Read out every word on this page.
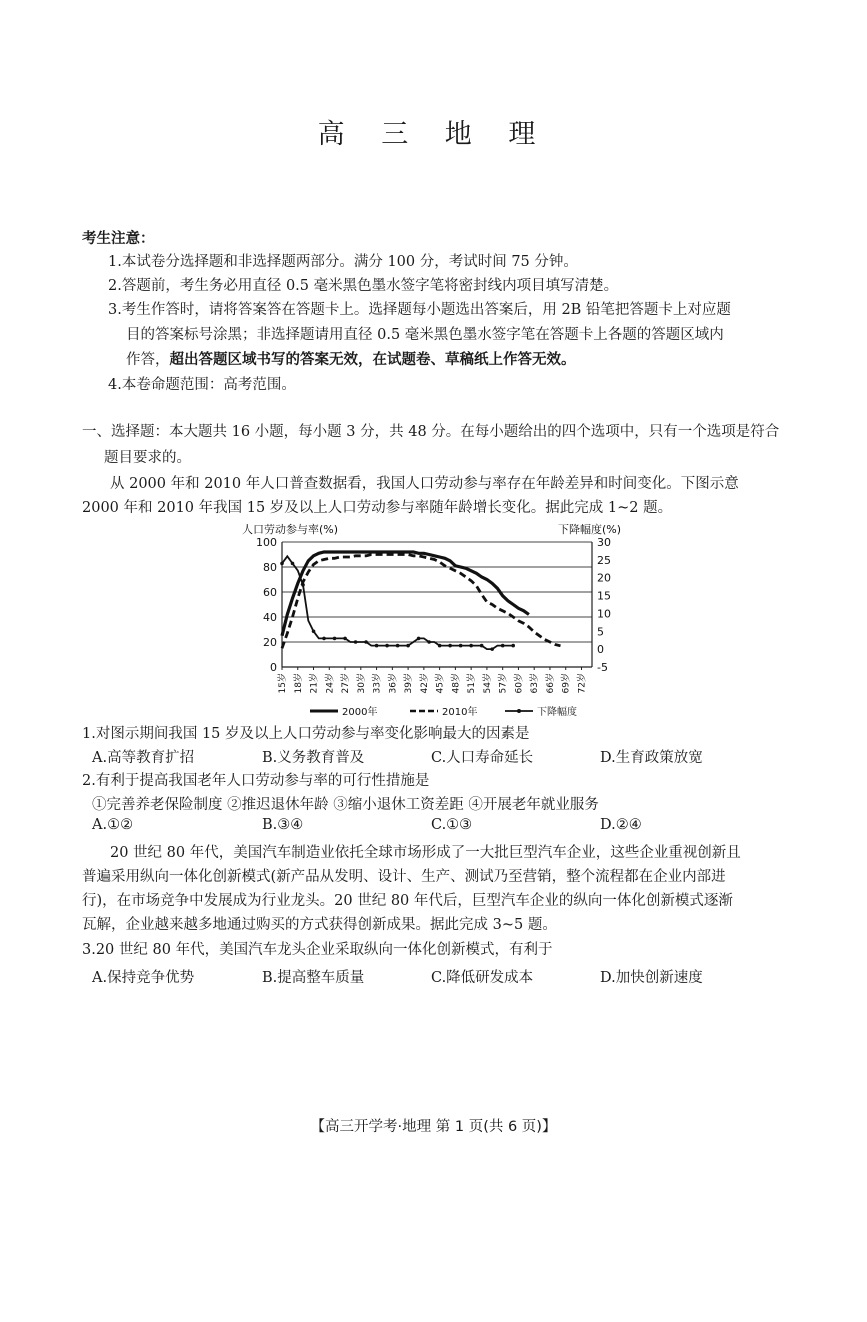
高 三 地 理
考生注意：
1.本试卷分选择题和非选择题两部分。满分 100 分，考试时间 75 分钟。
2.答题前，考生务必用直径 0.5 毫米黑色墨水签字笔将密封线内项目填写清楚。
3.考生作答时，请将答案答在答题卡上。选择题每小题选出答案后，用 2B 铅笔把答题卡上对应题
目的答案标号涂黑；非选择题请用直径 0.5 毫米黑色墨水签字笔在答题卡上各题的答题区域内
作答，超出答题区域书写的答案无效，在试题卷、草稿纸上作答无效。
4.本卷命题范围：高考范围。
一、选择题：本大题共 16 小题，每小题 3 分，共 48 分。在每小题给出的四个选项中，只有一个选项是符合
题目要求的。
从 2000 年和 2010 年人口普查数据看，我国人口劳动参与率存在年龄差异和时间变化。下图示意
2000 年和 2010 年我国 15 岁及以上人口劳动参与率随年龄增长变化。据此完成 1~2 题。
人口劳动参与率(%)	下降幅度(%)
0
20
40
60
80
100
-5
0
5
10
15
20
25
30
15岁 18岁 21岁 24岁 27岁 30岁 33岁 36岁 39岁 42岁 45岁 48岁 51岁 54岁 57岁 60岁 63岁 66岁 69岁 72岁
2000年	2010年	下降幅度
1.对图示期间我国 15 岁及以上人口劳动参与率变化影响最大的因素是
A.高等教育扩招	B.义务教育普及	C.人口寿命延长	D.生育政策放宽
2.有利于提高我国老年人口劳动参与率的可行性措施是
①完善养老保险制度 ②推迟退休年龄 ③缩小退休工资差距 ④开展老年就业服务
A.①②	B.③④	C.①③	D.②④
20 世纪 80 年代，美国汽车制造业依托全球市场形成了一大批巨型汽车企业，这些企业重视创新且
普遍采用纵向一体化创新模式(新产品从发明、设计、生产、测试乃至营销，整个流程都在企业内部进
行)，在市场竞争中发展成为行业龙头。20 世纪 80 年代后，巨型汽车企业的纵向一体化创新模式逐渐
瓦解，企业越来越多地通过购买的方式获得创新成果。据此完成 3~5 题。
3.20 世纪 80 年代，美国汽车龙头企业采取纵向一体化创新模式，有利于
A.保持竞争优势	B.提高整车质量	C.降低研发成本	D.加快创新速度
【高三开学考·地理 第 1 页(共 6 页)】
